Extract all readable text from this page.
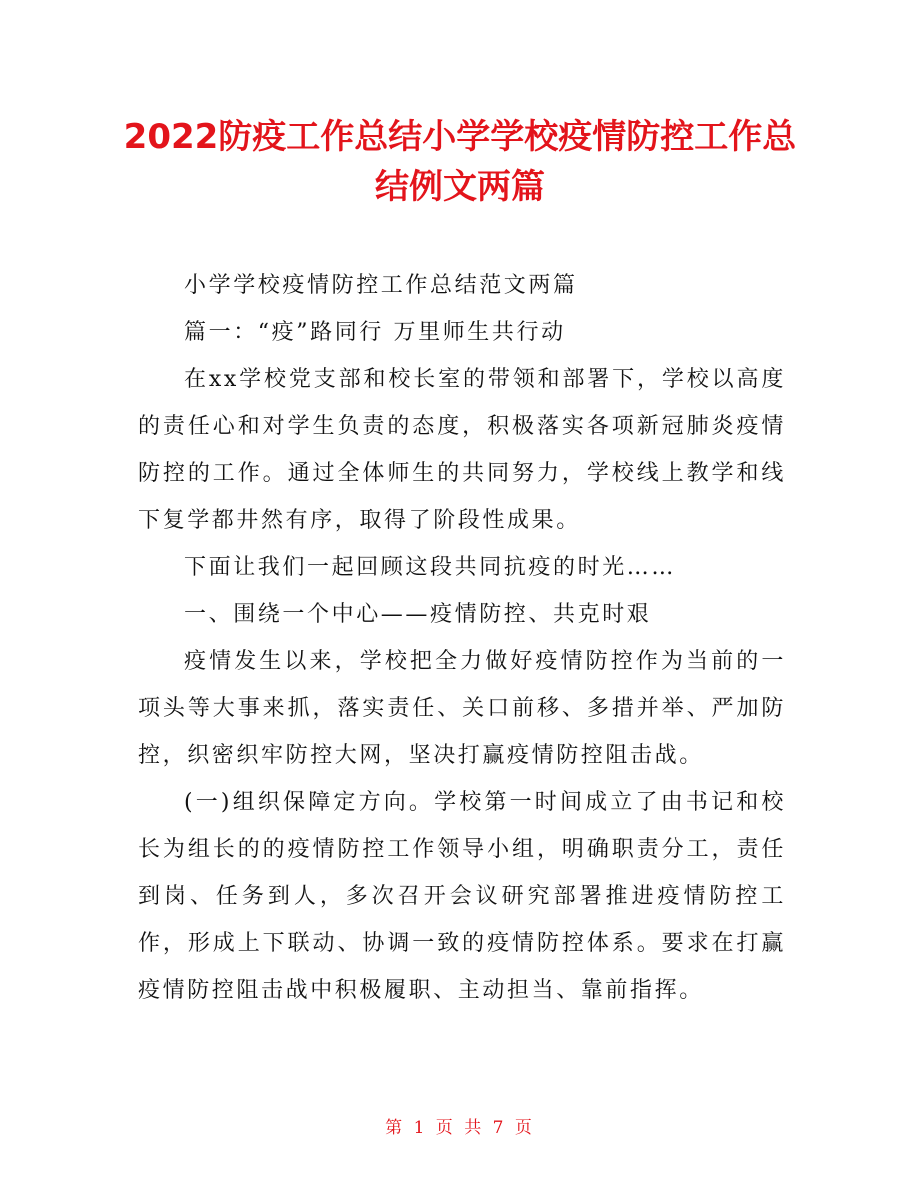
2022防疫工作总结小学学校疫情防控工作总结例文两篇

小学学校疫情防控工作总结范文两篇

篇一：“疫”路同行 万里师生共行动

在xx学校党支部和校长室的带领和部署下，学校以高度的责任心和对学生负责的态度，积极落实各项新冠肺炎疫情防控的工作。通过全体师生的共同努力，学校线上教学和线下复学都井然有序，取得了阶段性成果。

下面让我们一起回顾这段共同抗疫的时光……

一、围绕一个中心——疫情防控、共克时艰

疫情发生以来，学校把全力做好疫情防控作为当前的一项头等大事来抓，落实责任、关口前移、多措并举、严加防控，织密织牢防控大网，坚决打赢疫情防控阻击战。

(一)组织保障定方向。学校第一时间成立了由书记和校长为组长的的疫情防控工作领导小组，明确职责分工，责任到岗、任务到人，多次召开会议研究部署推进疫情防控工作，形成上下联动、协调一致的疫情防控体系。要求在打赢疫情防控阻击战中积极履职、主动担当、靠前指挥。

第 1 页 共 7 页
